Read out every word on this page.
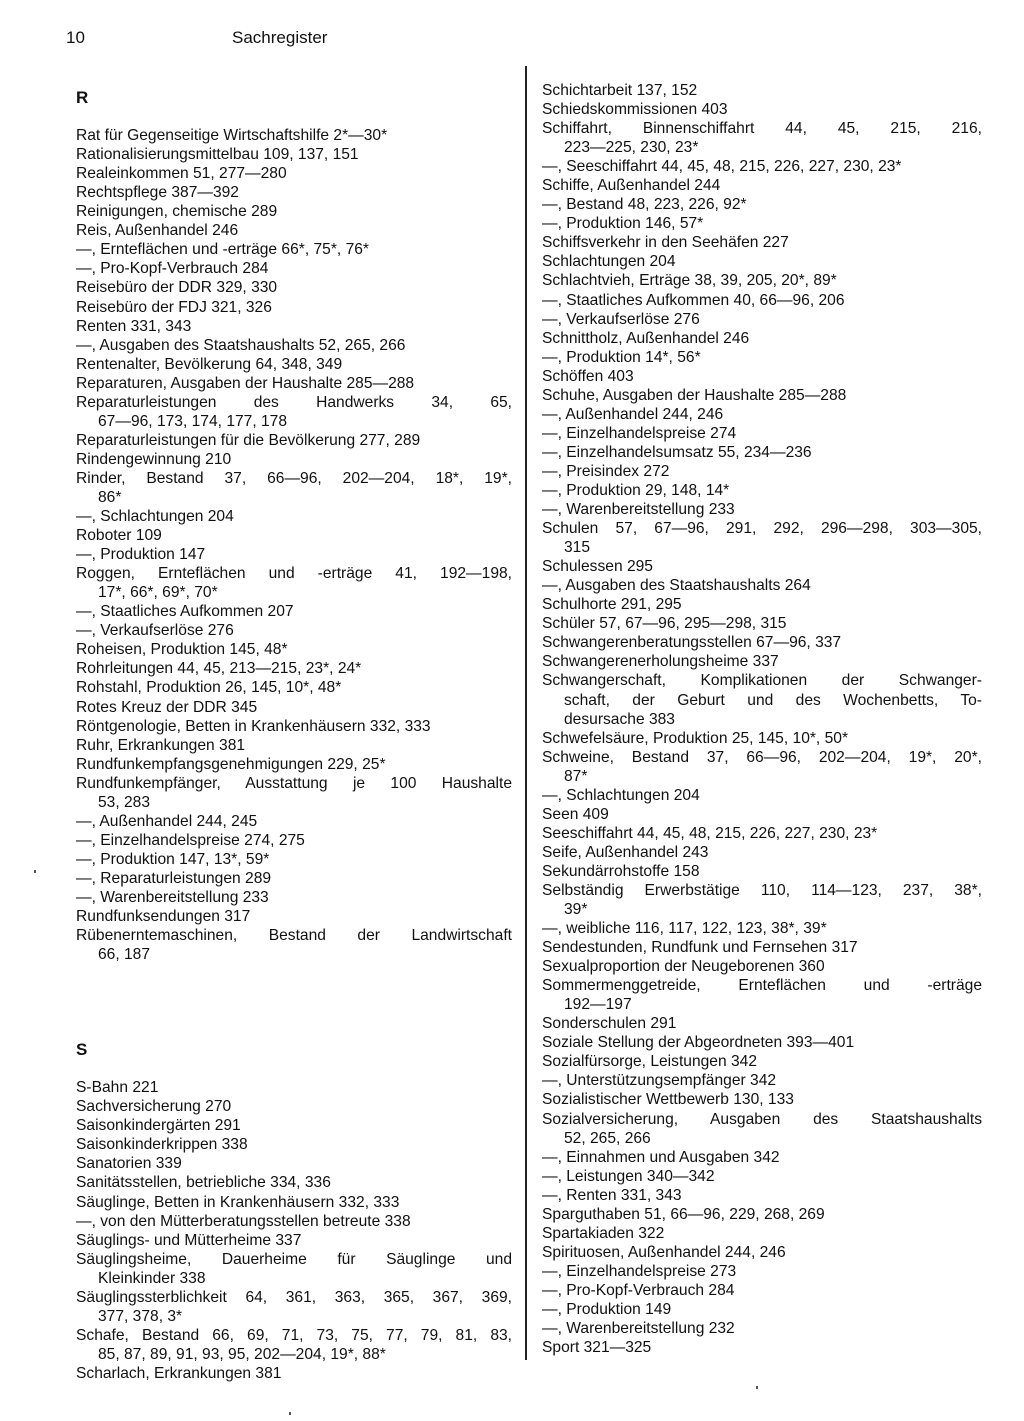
10	Sachregister
R
Rat für Gegenseitige Wirtschaftshilfe 2*—30*
Rationalisierungsmittelbau 109, 137, 151
Realeinkommen 51, 277—280
Rechtspflege 387—392
Reinigungen, chemische 289
Reis, Außenhandel 246
—, Ernteflächen und -erträge 66*, 75*, 76*
—, Pro-Kopf-Verbrauch 284
Reisebüro der DDR 329, 330
Reisebüro der FDJ 321, 326
Renten 331, 343
—, Ausgaben des Staatshaushalts 52, 265, 266
Rentenalter, Bevölkerung 64, 348, 349
Reparaturen, Ausgaben der Haushalte 285—288
Reparaturleistungen des Handwerks 34, 65,
67—96, 173, 174, 177, 178
Reparaturleistungen für die Bevölkerung 277, 289
Rindengewinnung 210
Rinder, Bestand 37, 66—96, 202—204, 18*, 19*,
86*
—, Schlachtungen 204
Roboter 109
—, Produktion 147
Roggen, Ernteflächen und -erträge 41, 192—198,
17*, 66*, 69*, 70*
—, Staatliches Aufkommen 207
—, Verkaufserlöse 276
Roheisen, Produktion 145, 48*
Rohrleitungen 44, 45, 213—215, 23*, 24*
Rohstahl, Produktion 26, 145, 10*, 48*
Rotes Kreuz der DDR 345
Röntgenologie, Betten in Krankenhäusern 332, 333
Ruhr, Erkrankungen 381
Rundfunkempfangsgenehmigungen 229, 25*
Rundfunkempfänger, Ausstattung je 100 Haushalte
53, 283
—, Außenhandel 244, 245
—, Einzelhandelspreise 274, 275
—, Produktion 147, 13*, 59*
—, Reparaturleistungen 289
—, Warenbereitstellung 233
Rundfunksendungen 317
Rübenerntemaschinen, Bestand der Landwirtschaft
66, 187
S
S-Bahn 221
Sachversicherung 270
Saisonkindergärten 291
Saisonkinderkrippen 338
Sanatorien 339
Sanitätsstellen, betriebliche 334, 336
Säuglinge, Betten in Krankenhäusern 332, 333
—, von den Mütterberatungsstellen betreute 338
Säuglings- und Mütterheime 337
Säuglingsheime, Dauerheime für Säuglinge und
Kleinkinder 338
Säuglingssterblichkeit 64, 361, 363, 365, 367, 369,
377, 378, 3*
Schafe, Bestand 66, 69, 71, 73, 75, 77, 79, 81, 83,
85, 87, 89, 91, 93, 95, 202—204, 19*, 88*
Scharlach, Erkrankungen 381
Schichtarbeit 137, 152
Schiedskommissionen 403
Schiffahrt, Binnenschiffahrt 44, 45, 215, 216,
223—225, 230, 23*
—, Seeschiffahrt 44, 45, 48, 215, 226, 227, 230, 23*
Schiffe, Außenhandel 244
—, Bestand 48, 223, 226, 92*
—, Produktion 146, 57*
Schiffsverkehr in den Seehäfen 227
Schlachtungen 204
Schlachtvieh, Erträge 38, 39, 205, 20*, 89*
—, Staatliches Aufkommen 40, 66—96, 206
—, Verkaufserlöse 276
Schnittholz, Außenhandel 246
—, Produktion 14*, 56*
Schöffen 403
Schuhe, Ausgaben der Haushalte 285—288
—, Außenhandel 244, 246
—, Einzelhandelspreise 274
—, Einzelhandelsumsatz 55, 234—236
—, Preisindex 272
—, Produktion 29, 148, 14*
—, Warenbereitstellung 233
Schulen 57, 67—96, 291, 292, 296—298, 303—305,
315
Schulessen 295
—, Ausgaben des Staatshaushalts 264
Schulhorte 291, 295
Schüler 57, 67—96, 295—298, 315
Schwangerenberatungsstellen 67—96, 337
Schwangerenerholungsheime 337
Schwangerschaft, Komplikationen der Schwanger-
schaft, der Geburt und des Wochenbetts, To-
desursache 383
Schwefelsäure, Produktion 25, 145, 10*, 50*
Schweine, Bestand 37, 66—96, 202—204, 19*, 20*,
87*
—, Schlachtungen 204
Seen 409
Seeschiffahrt 44, 45, 48, 215, 226, 227, 230, 23*
Seife, Außenhandel 243
Sekundärrohstoffe 158
Selbständig Erwerbstätige 110, 114—123, 237, 38*,
39*
—, weibliche 116, 117, 122, 123, 38*, 39*
Sendestunden, Rundfunk und Fernsehen 317
Sexualproportion der Neugeborenen 360
Sommermenggetreide, Ernteflächen und -erträge
192—197
Sonderschulen 291
Soziale Stellung der Abgeordneten 393—401
Sozialfürsorge, Leistungen 342
—, Unterstützungsempfänger 342
Sozialistischer Wettbewerb 130, 133
Sozialversicherung, Ausgaben des Staatshaushalts
52, 265, 266
—, Einnahmen und Ausgaben 342
—, Leistungen 340—342
—, Renten 331, 343
Sparguthaben 51, 66—96, 229, 268, 269
Spartakiaden 322
Spirituosen, Außenhandel 244, 246
—, Einzelhandelspreise 273
—, Pro-Kopf-Verbrauch 284
—, Produktion 149
—, Warenbereitstellung 232
Sport 321—325
